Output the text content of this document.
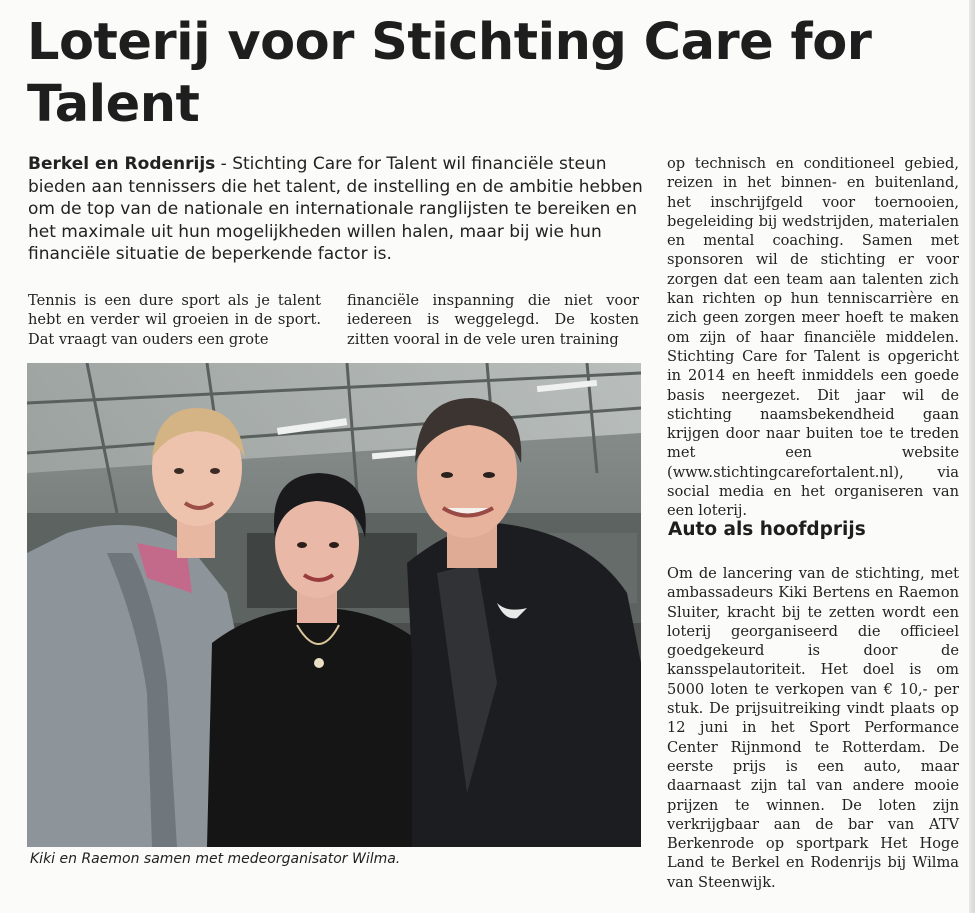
Loterij voor Stichting Care for Talent

Berkel en Rodenrijs - Stichting Care for Talent wil financiële steun bieden aan tennissers die het talent, de instelling en de ambitie hebben om de top van de nationale en internationale ranglijsten te bereiken en het maximale uit hun mogelijkheden willen halen, maar bij wie hun financiële situatie de beperkende factor is.

Tennis is een dure sport als je talent hebt en verder wil groeien in de sport. Dat vraagt van ouders een grote

financiële inspanning die niet voor iedereen is weggelegd. De kosten zitten vooral in de vele uren training

Kiki en Raemon samen met medeorganisator Wilma.

op technisch en conditioneel gebied, reizen in het binnen- en buitenland, het inschrijfgeld voor toernooien, begeleiding bij wedstrijden, materialen en mental coaching. Samen met sponsoren wil de stichting er voor zorgen dat een team aan talenten zich kan richten op hun tenniscarrière en zich geen zorgen meer hoeft te maken om zijn of haar financiële middelen. Stichting Care for Talent is opgericht in 2014 en heeft inmiddels een goede basis neergezet. Dit jaar wil de stichting naamsbekendheid gaan krijgen door naar buiten toe te treden met een website (www.stichtingcarefortalent.nl), via social media en het organiseren van een loterij.

Auto als hoofdprijs

Om de lancering van de stichting, met ambassadeurs Kiki Bertens en Raemon Sluiter, kracht bij te zetten wordt een loterij georganiseerd die officieel goedgekeurd is door de kansspelautoriteit. Het doel is om 5000 loten te verkopen van € 10,- per stuk. De prijsuitreiking vindt plaats op 12 juni in het Sport Performance Center Rijnmond te Rotterdam. De eerste prijs is een auto, maar daarnaast zijn tal van andere mooie prijzen te winnen. De loten zijn verkrijgbaar aan de bar van ATV Berkenrode op sportpark Het Hoge Land te Berkel en Rodenrijs bij Wilma van Steenwijk.
